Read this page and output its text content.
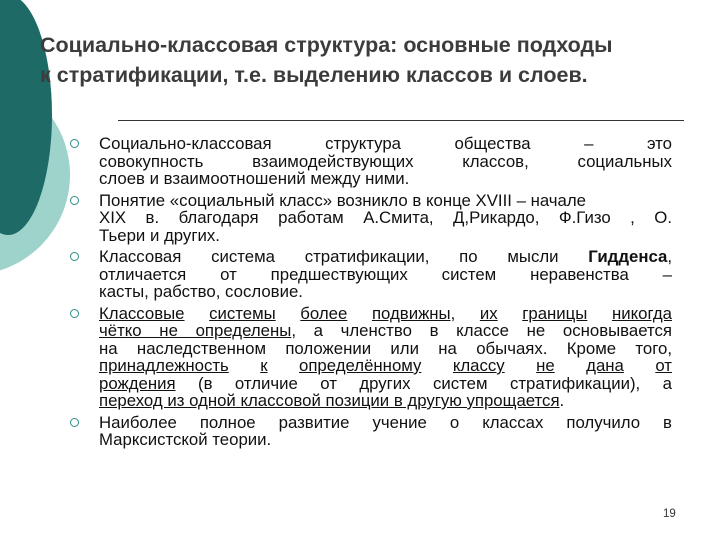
Социально-классовая структура: основные подходы
к стратификации, т.е. выделению классов и слоев.
Социально-классовая	структура	общества	–	это
совокупность	взаимодействующих	классов,	социальных
слоев и взаимоотношений между ними.
Понятие «социальный класс» возникло в конце XVIII – начале
XIX в. благодаря работам А.Смита, Д,Рикардо, Ф.Гизо , О.
Тьери и других.
Классовая система стратификации, по мысли Гидденса,
отличается от предшествующих систем неравенства –
касты, рабство, сословие.
Классовые системы более подвижны, их границы никогда
чётко не определены, а членство в классе не основывается
на наследственном положении или на обычаях. Кроме того,
принадлежность к определённому классу не дана от
рождения (в отличие от других систем стратификации), а
переход из одной классовой позиции в другую упрощается.
Наиболее полное развитие учение о классах получило в
Марксистской теории.
19
